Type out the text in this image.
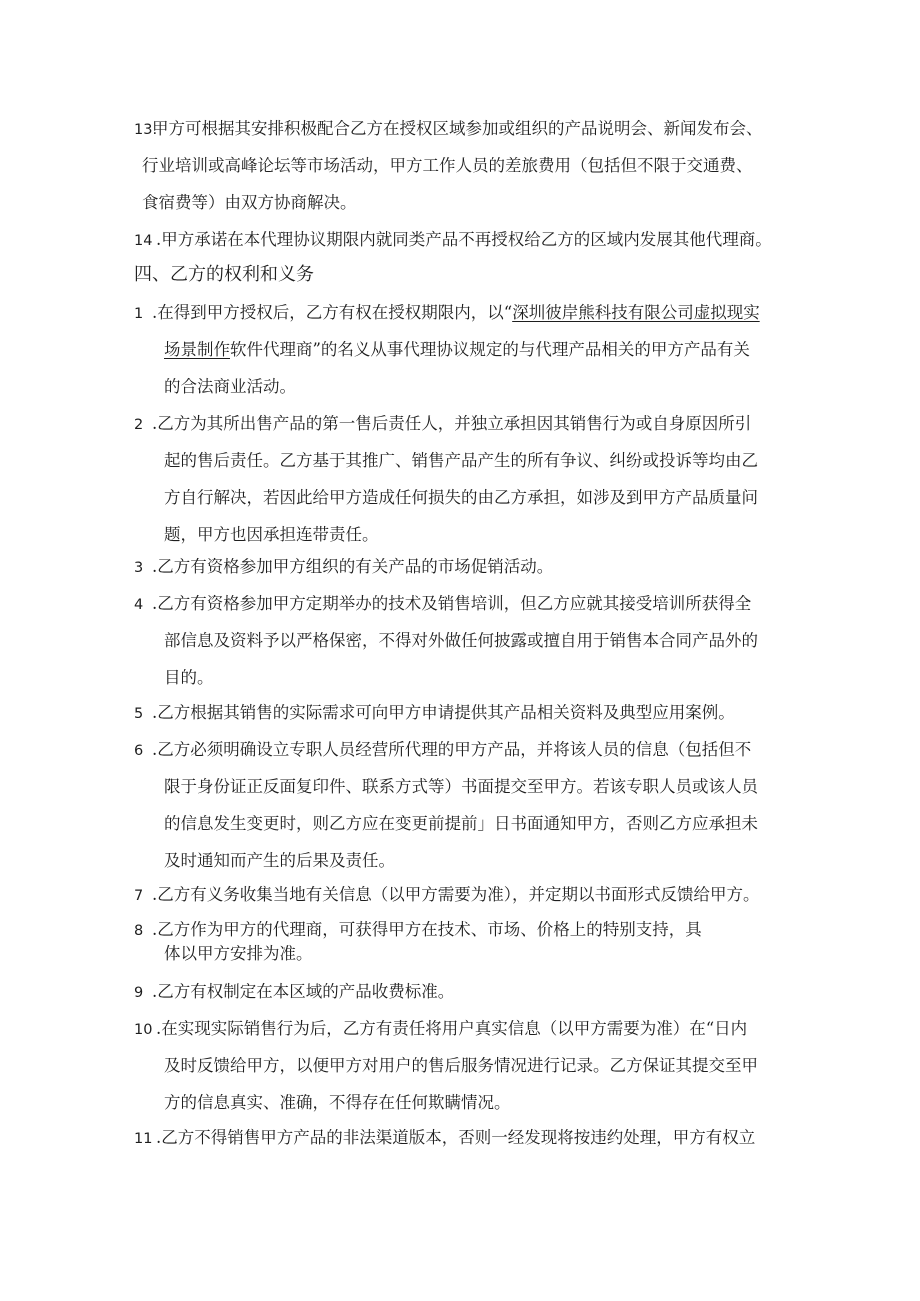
13.甲方可根据其安排积极配合乙方在授权区域参加或组织的产品说明会、新闻发布会、
行业培训或高峰论坛等市场活动，甲方工作人员的差旅费用（包括但不限于交通费、
食宿费等）由双方协商解决。
14 .甲方承诺在本代理协议期限内就同类产品不再授权给乙方的区域内发展其他代理商。
四、乙方的权利和义务
1 .在得到甲方授权后，乙方有权在授权期限内，以“深圳彼岸熊科技有限公司虚拟现实
场景制作软件代理商”的名义从事代理协议规定的与代理产品相关的甲方产品有关
的合法商业活动。
2 .乙方为其所出售产品的第一售后责任人，并独立承担因其销售行为或自身原因所引
起的售后责任。乙方基于其推广、销售产品产生的所有争议、纠纷或投诉等均由乙
方自行解决，若因此给甲方造成任何损失的由乙方承担，如涉及到甲方产品质量问
题，甲方也因承担连带责任。
3 .乙方有资格参加甲方组织的有关产品的市场促销活动。
4 .乙方有资格参加甲方定期举办的技术及销售培训，但乙方应就其接受培训所获得全
部信息及资料予以严格保密，不得对外做任何披露或擅自用于销售本合同产品外的
目的。
5 .乙方根据其销售的实际需求可向甲方申请提供其产品相关资料及典型应用案例。
6 .乙方必须明确设立专职人员经营所代理的甲方产品，并将该人员的信息（包括但不
限于身份证正反面复印件、联系方式等）书面提交至甲方。若该专职人员或该人员
的信息发生变更时，则乙方应在变更前提前」日书面通知甲方，否则乙方应承担未
及时通知而产生的后果及责任。
7 .乙方有义务收集当地有关信息（以甲方需要为准），并定期以书面形式反馈给甲方。
8 .乙方作为甲方的代理商，可获得甲方在技术、市场、价格上的特别支持，具
体以甲方安排为准。
9 .乙方有权制定在本区域的产品收费标准。
10 .在实现实际销售行为后，乙方有责任将用户真实信息（以甲方需要为准）在“日内
及时反馈给甲方，以便甲方对用户的售后服务情况进行记录。乙方保证其提交至甲
方的信息真实、准确，不得存在任何欺瞒情况。
11 .乙方不得销售甲方产品的非法渠道版本，否则一经发现将按违约处理，甲方有权立
